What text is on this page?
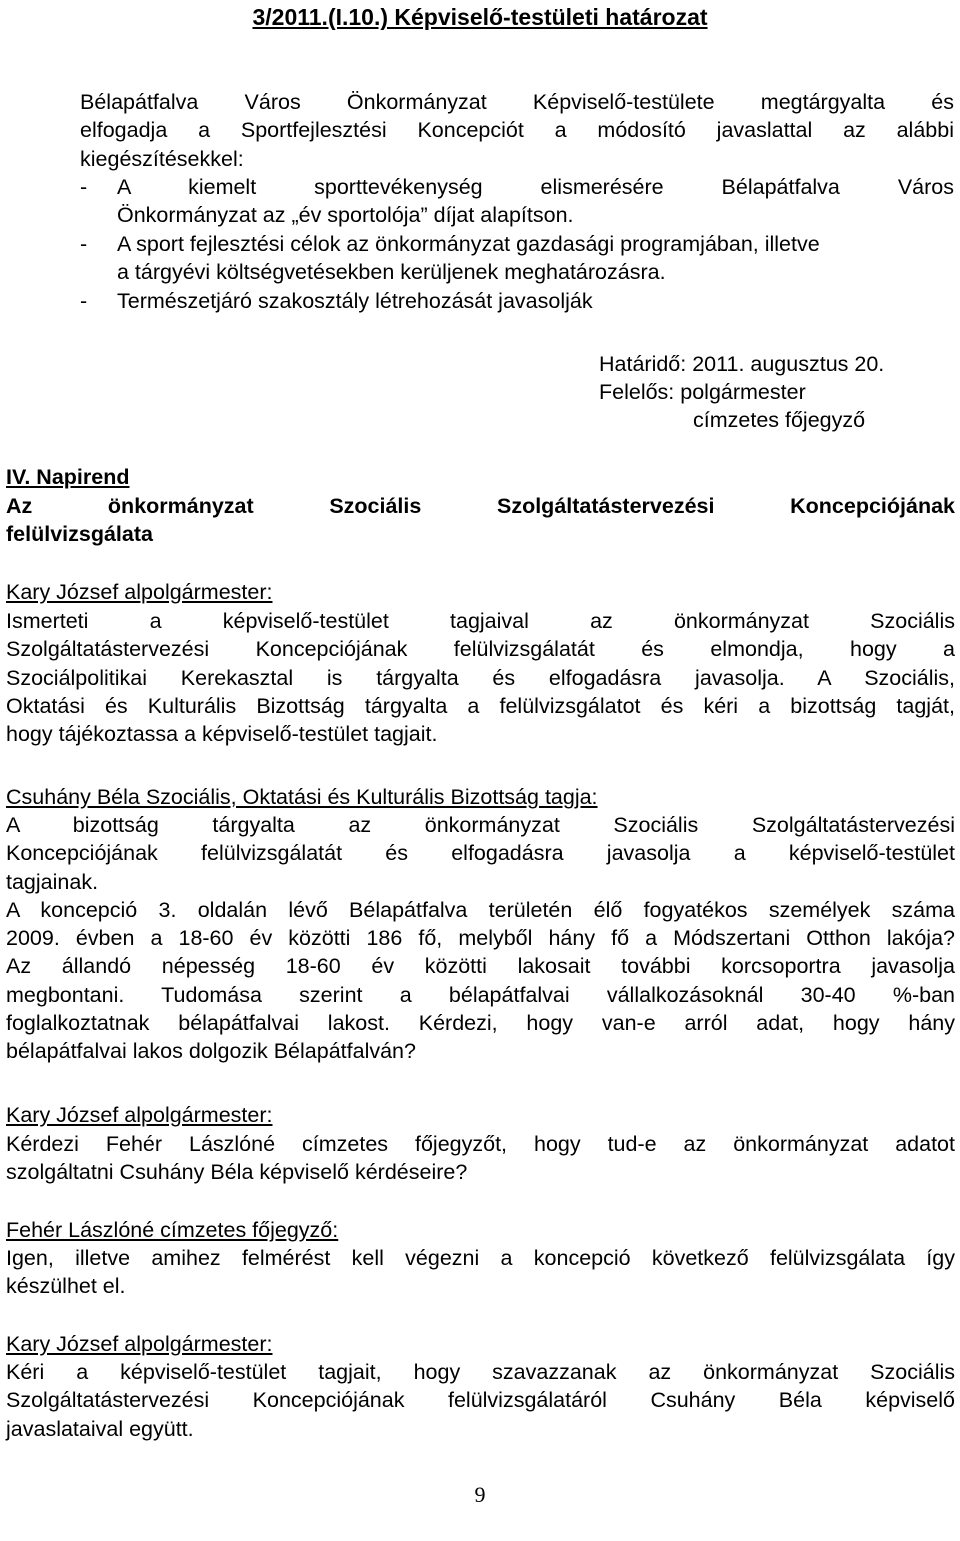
3/2011.(I.10.) Képviselő-testületi határozat
Bélapátfalva Város Önkormányzat Képviselő-testülete megtárgyalta és
elfogadja a Sportfejlesztési Koncepciót a módosító javaslattal az alábbi
kiegészítésekkel:
-	A kiemelt sporttevékenység elismerésére Bélapátfalva Város
Önkormányzat az „év sportolója” díjat alapítson.
-	A sport fejlesztési célok az önkormányzat gazdasági programjában, illetve
a tárgyévi költségvetésekben kerüljenek meghatározásra.
-	Természetjáró szakosztály létrehozását javasolják
Határidő: 2011. augusztus 20.
Felelős: polgármester
címzetes főjegyző
IV. Napirend
Az önkormányzat Szociális Szolgáltatástervezési Koncepciójának
felülvizsgálata
Kary József alpolgármester:
Ismerteti a képviselő-testület tagjaival az önkormányzat Szociális
Szolgáltatástervezési Koncepciójának felülvizsgálatát és elmondja, hogy a
Szociálpolitikai Kerekasztal is tárgyalta és elfogadásra javasolja. A Szociális,
Oktatási és Kulturális Bizottság tárgyalta a felülvizsgálatot és kéri a bizottság tagját,
hogy tájékoztassa a képviselő-testület tagjait.
Csuhány Béla Szociális, Oktatási és Kulturális Bizottság tagja:
A bizottság tárgyalta az önkormányzat Szociális Szolgáltatástervezési
Koncepciójának felülvizsgálatát és elfogadásra javasolja a képviselő-testület
tagjainak.
A koncepció 3. oldalán lévő Bélapátfalva területén élő fogyatékos személyek száma
2009. évben a 18-60 év közötti 186 fő, melyből hány fő a Módszertani Otthon lakója?
Az állandó népesség 18-60 év közötti lakosait további korcsoportra javasolja
megbontani. Tudomása szerint a bélapátfalvai vállalkozásoknál 30-40 %-ban
foglalkoztatnak bélapátfalvai lakost. Kérdezi, hogy van-e arról adat, hogy hány
bélapátfalvai lakos dolgozik Bélapátfalván?
Kary József alpolgármester:
Kérdezi Fehér Lászlóné címzetes főjegyzőt, hogy tud-e az önkormányzat adatot
szolgáltatni Csuhány Béla képviselő kérdéseire?
Fehér Lászlóné címzetes főjegyző:
Igen, illetve amihez felmérést kell végezni a koncepció következő felülvizsgálata így
készülhet el.
Kary József alpolgármester:
Kéri a képviselő-testület tagjait, hogy szavazzanak az önkormányzat Szociális
Szolgáltatástervezési Koncepciójának felülvizsgálatáról Csuhány Béla képviselő
javaslataival együtt.
9
